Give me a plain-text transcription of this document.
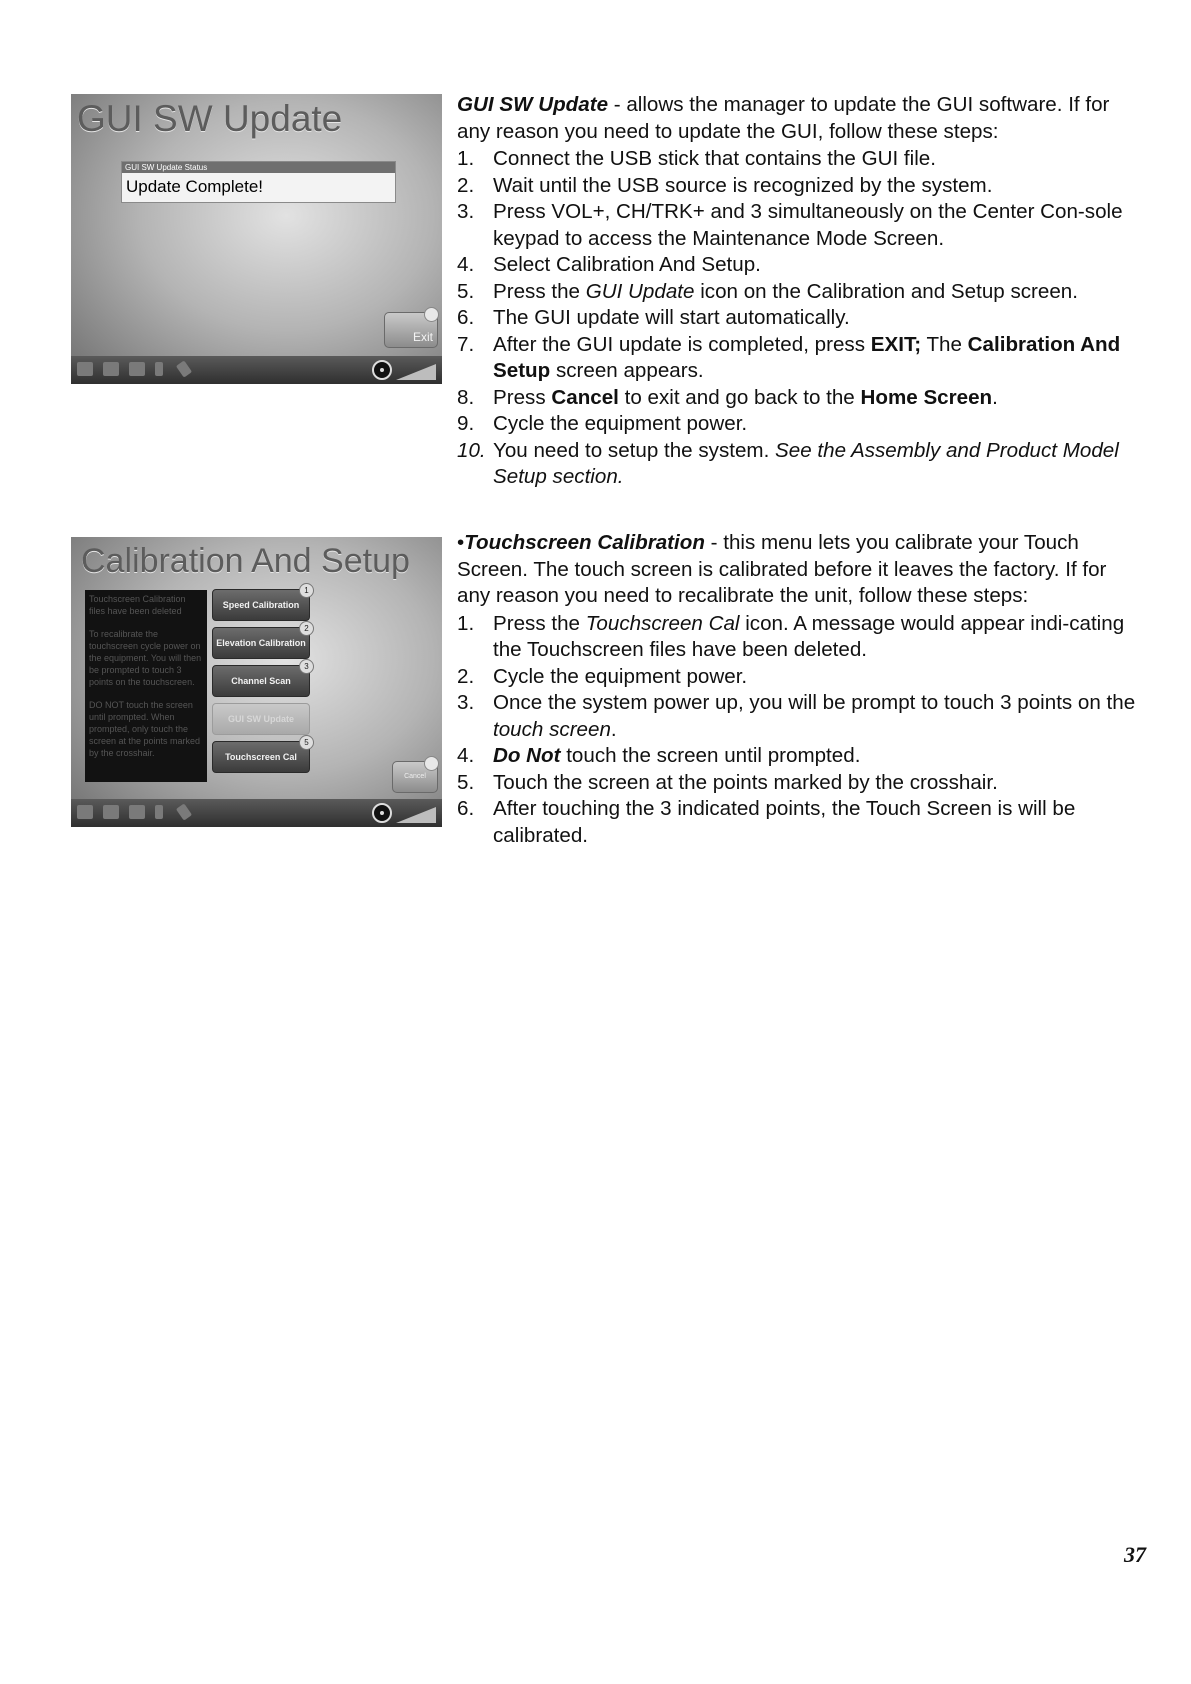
GUI SW Update
GUI SW Update Status
Update Complete!
Exit
GUI SW Update - allows the manager to update the GUI software. If for any reason you need to update the GUI, follow these steps:
1. Connect the USB stick that contains the GUI file.
2. Wait until the USB source is recognized by the system.
3. Press VOL+, CH/TRK+ and 3 simultaneously on the Center Con-sole keypad to access the Maintenance Mode Screen.
4. Select Calibration And Setup.
5. Press the GUI Update icon on the Calibration and Setup screen.
6. The GUI update will start automatically.
7. After the GUI update is completed, press EXIT; The Calibration And Setup screen appears.
8. Press Cancel to exit and go back to the Home Screen.
9. Cycle the equipment power.
10. You need to setup the system. See the Assembly and Product Model Setup section.
Calibration And Setup

Touchscreen Calibration files have been deleted

To recalibrate the touchscreen cycle power on the equipment. You will then be prompted to touch 3 points on the touchscreen.

DO NOT touch the screen until prompted. When prompted, only touch the screen at the points marked by the crosshair.

Speed Calibration
1
Elevation Calibration
2
Channel Scan
3
GUI SW Update
Touchscreen Cal
5
Cancel
•Touchscreen Calibration - this menu lets you calibrate your Touch Screen. The touch screen is calibrated before it leaves the factory. If for any reason you need to recalibrate the unit, follow these steps:
1. Press the Touchscreen Cal icon. A message would appear indi-cating the Touchscreen files have been deleted.
2. Cycle the equipment power.
3. Once the system power up, you will be prompt to touch 3 points on the touch screen.
4. Do Not touch the screen until prompted.
5. Touch the screen at the points marked by the crosshair.
6. After touching the 3 indicated points, the Touch Screen is will be calibrated.
37
